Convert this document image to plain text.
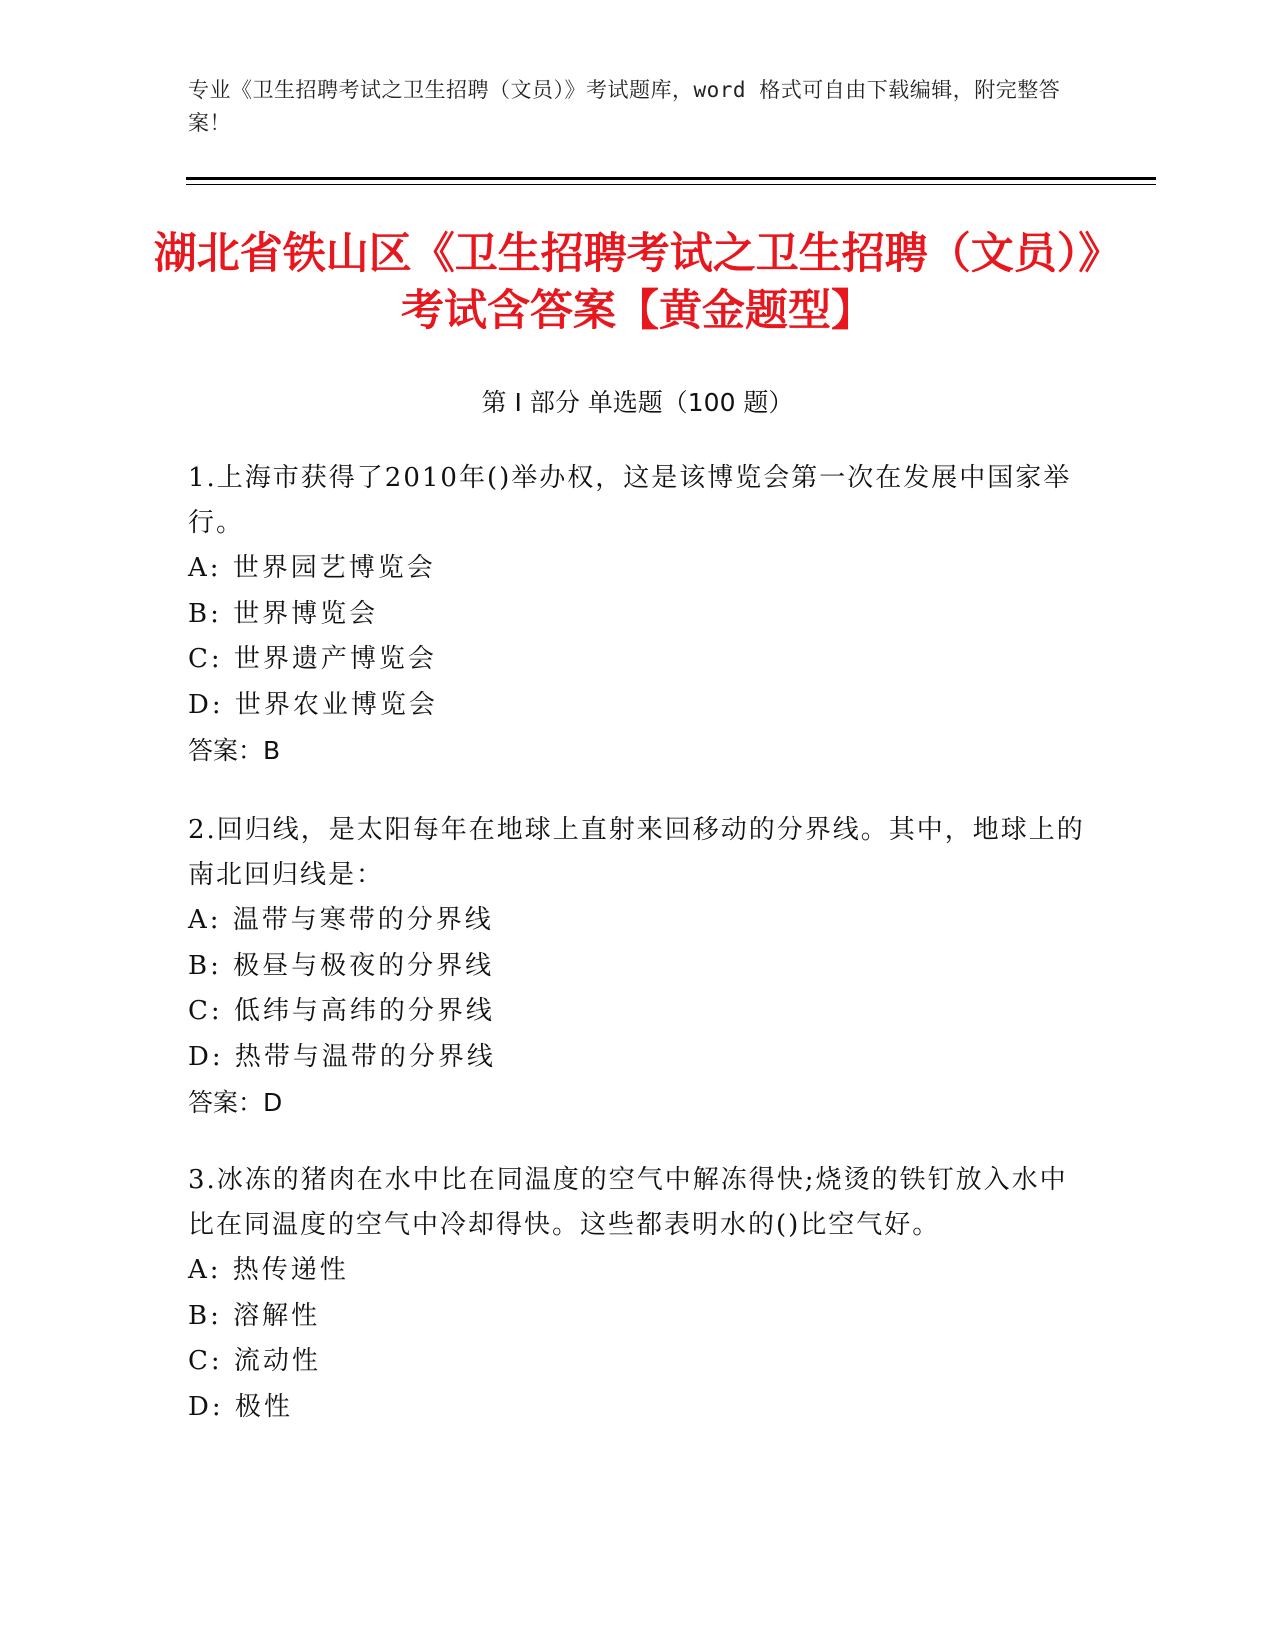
专业《卫生招聘考试之卫生招聘（文员）》考试题库，word 格式可自由下载编辑，附完整答案！
湖北省铁山区《卫生招聘考试之卫生招聘（文员）》考试含答案【黄金题型】
第 I 部分 单选题（100 题）
1.上海市获得了2010年()举办权，这是该博览会第一次在发展中国家举行。
A: 世界园艺博览会
B: 世界博览会
C: 世界遗产博览会
D: 世界农业博览会
答案：B
2.回归线，是太阳每年在地球上直射来回移动的分界线。其中，地球上的南北回归线是：
A: 温带与寒带的分界线
B: 极昼与极夜的分界线
C: 低纬与高纬的分界线
D: 热带与温带的分界线
答案：D
3.冰冻的猪肉在水中比在同温度的空气中解冻得快;烧烫的铁钉放入水中比在同温度的空气中冷却得快。这些都表明水的()比空气好。
A: 热传递性
B: 溶解性
C: 流动性
D: 极性
